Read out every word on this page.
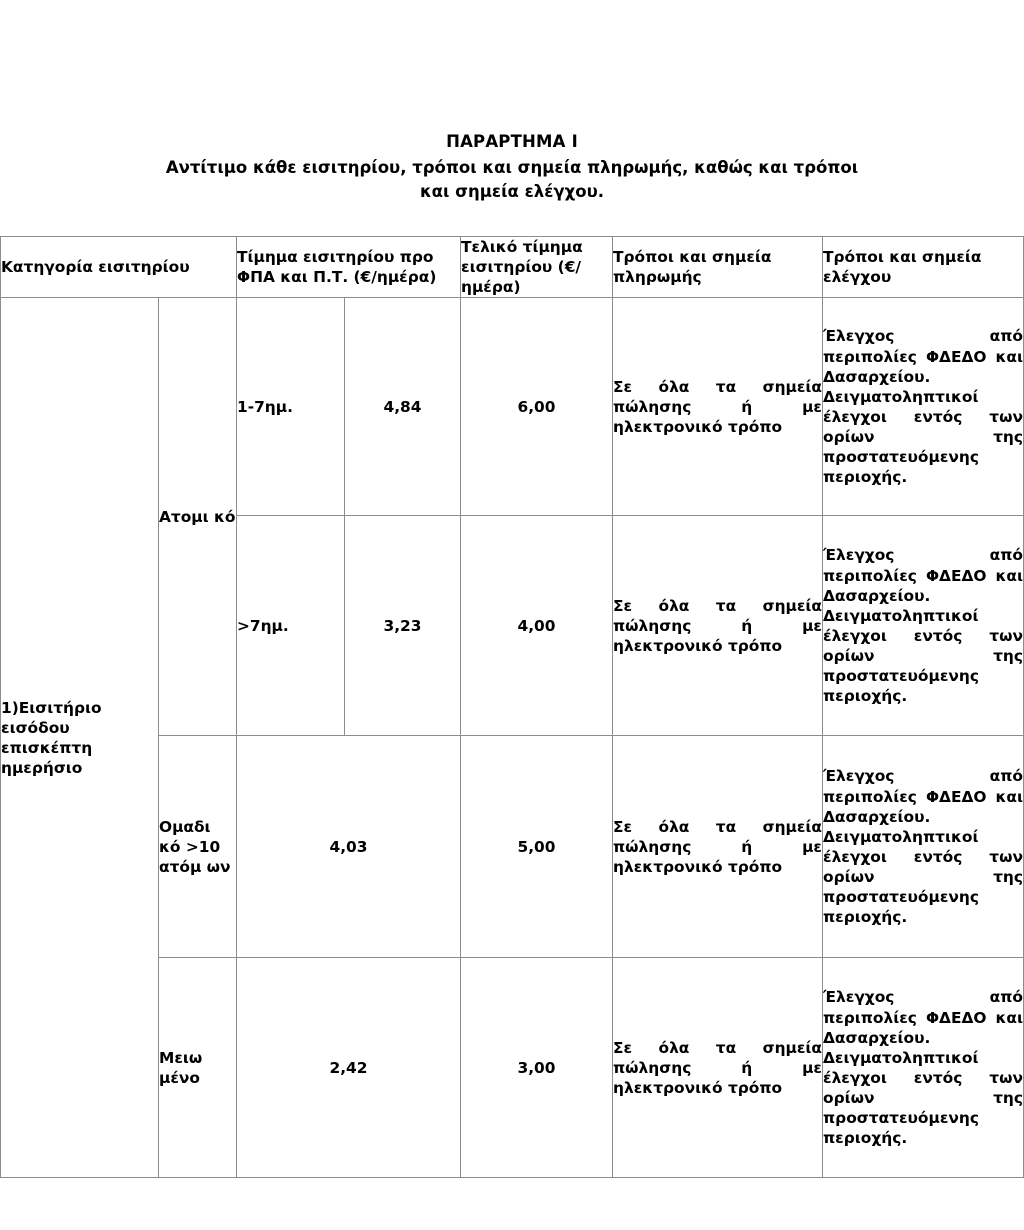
ΠΑΡΑΡΤΗΜΑ Ι
Αντίτιμο κάθε εισιτηρίου, τρόποι και σημεία πληρωμής, καθώς και τρόποι και σημεία ελέγχου.
Κατηγορία εισιτηρίου		Τίμημα εισιτηρίου προ ΦΠΑ και Π.Τ. (€/ημέρα)		Τελικό τίμημα εισιτηρίου (€/ημέρα)	Τρόποι και σημεία πληρωμής	Τρόποι και σημεία ελέγχου
1)Εισιτήριο εισόδου επισκέπτη ημερήσιο	Ατομι κό	1-7ημ.	4,84	6,00	Σε όλα τα σημεία πώλησης ή με ηλεκτρονικό τρόπο	Έλεγχος από περιπολίες ΦΔΕΔΟ και Δασαρχείου. Δειγματοληπτικοί έλεγχοι εντός των ορίων της προστατευόμενης περιοχής.
		>7ημ.	3,23	4,00	Σε όλα τα σημεία πώλησης ή με ηλεκτρονικό τρόπο	Έλεγχος από περιπολίες ΦΔΕΔΟ και Δασαρχείου. Δειγματοληπτικοί έλεγχοι εντός των ορίων της προστατευόμενης περιοχής.
	Ομαδι κό >10 ατόμ ων	4,03		5,00	Σε όλα τα σημεία πώλησης ή με ηλεκτρονικό τρόπο	Έλεγχος από περιπολίες ΦΔΕΔΟ και Δασαρχείου. Δειγματοληπτικοί έλεγχοι εντός των ορίων της προστατευόμενης περιοχής.
	Μειω μένο	2,42		3,00	Σε όλα τα σημεία πώλησης ή με ηλεκτρονικό τρόπο	Έλεγχος από περιπολίες ΦΔΕΔΟ και Δασαρχείου. Δειγματοληπτικοί έλεγχοι εντός των ορίων της προστατευόμενης περιοχής.
